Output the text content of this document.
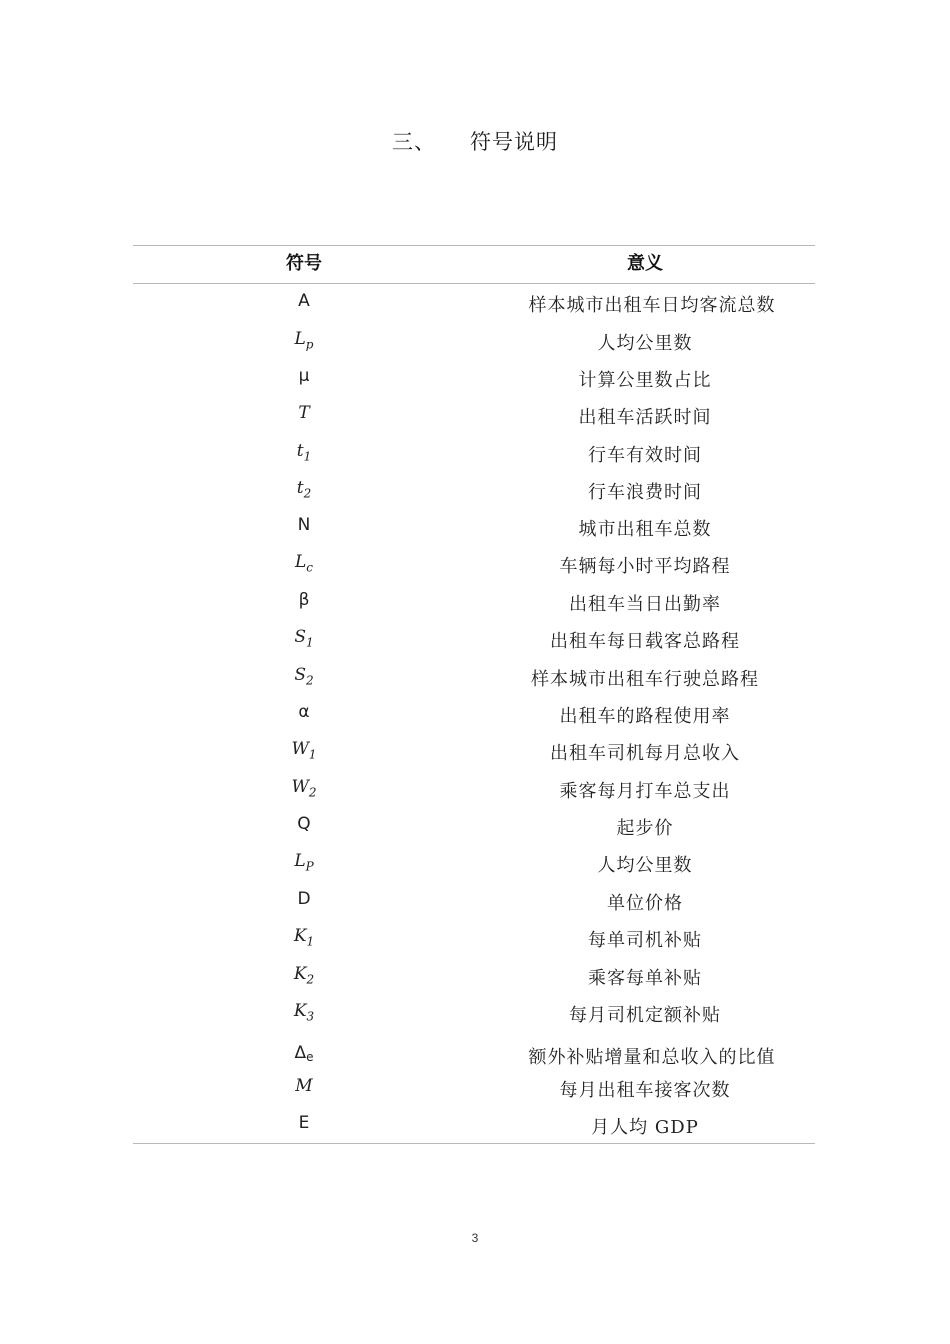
三、 符号说明
符号	意义
A	样本城市出租车日均客流总数
$L_p$	人均公里数
μ	计算公里数占比
T	出租车活跃时间
$t_1$	行车有效时间
$t_2$	行车浪费时间
N	城市出租车总数
$L_c$	车辆每小时平均路程
β	出租车当日出勤率
$S_1$	出租车每日载客总路程
$S_2$	样本城市出租车行驶总路程
α	出租车的路程使用率
$W_1$	出租车司机每月总收入
$W_2$	乘客每月打车总支出
Q	起步价
$L_P$	人均公里数
D	单位价格
$K_1$	每单司机补贴
$K_2$	乘客每单补贴
$K_3$	每月司机定额补贴
$\Delta_e$	额外补贴增量和总收入的比值
M	每月出租车接客次数
E	月人均 GDP
3
